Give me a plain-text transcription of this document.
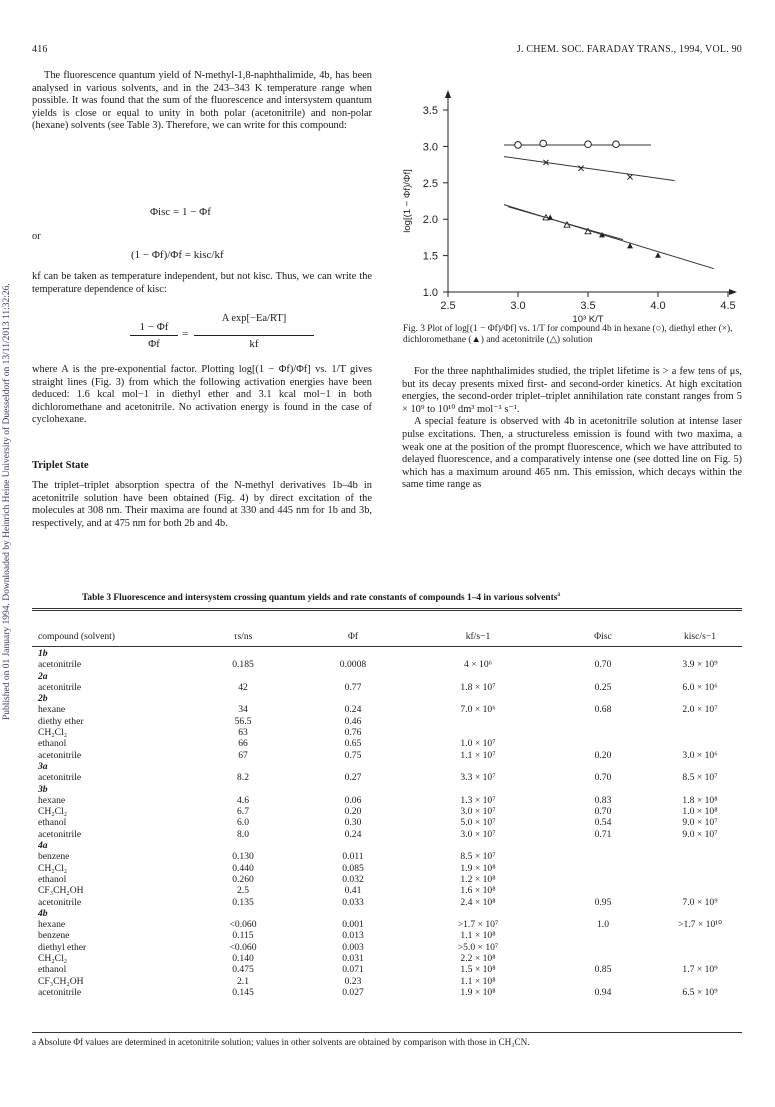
Published on 01 January 1994. Downloaded by Heinrich Heine University of Duesseldorf on 13/11/2013 11:32:26.
416	J. CHEM. SOC. FARADAY TRANS., 1994, VOL. 90

The fluorescence quantum yield of N-methyl-1,8-naphthalimide, 4b, has been analysed in various solvents, and in the 243–343 K temperature range when possible. It was found that the sum of the fluorescence and intersystem quantum yields is close or equal to unity in both polar (acetonitrile) and non-polar (hexane) solvents (see Table 3). Therefore, we can write for this compound:

Φisc = 1 − Φf
or
(1 − Φf)/Φf = kisc/kf

kf can be taken as temperature independent, but not kisc. Thus, we can write the temperature dependence of kisc:

1 − Φf
Φf
=
A exp[−Ea/RT]
kf

where A is the pre-exponential factor. Plotting log[(1 − Φf)/Φf] vs. 1/T gives straight lines (Fig. 3) from which the following activation energies have been deduced: 1.6 kcal mol−1 in diethyl ether and 3.1 kcal mol−1 in both dichloromethane and acetonitrile. No activation energy is found in the case of cyclohexane.

Triplet State

The triplet–triplet absorption spectra of the N-methyl derivatives 1b–4b in acetonitrile solution have been obtained (Fig. 4) by direct excitation of the molecules at 308 nm. Their maxima are found at 330 and 445 nm for 1b and 3b, respectively, and at 475 nm for both 2b and 4b.

2.5	3.0	3.5	4.0	4.5
1.0
1.5
2.0
2.5
3.0
3.5
10³ K/T
log[(1 − Φf)/Φf]
Fig. 3 Plot of log[(1 − Φf)/Φf] vs. 1/T for compound 4b in hexane (○), diethyl ether (×), dichloromethane (▲) and acetonitrile (△) solution

For the three naphthalimides studied, the triplet lifetime is > a few tens of μs, but its decay presents mixed first- and second-order kinetics. At high excitation energies, the second-order triplet–triplet annihilation rate constant ranges from 5 × 10⁹ to 10¹⁰ dm³ mol⁻¹ s⁻¹.

A special feature is observed with 4b in acetonitrile solution at intense laser pulse excitations. Then, a structureless emission is found with two maxima, a weak one at the position of the prompt fluorescence, which we have attributed to delayed fluorescence, and a comparatively intense one (see dotted line on Fig. 5) which has a maximum around 465 nm. This emission, which decays within the same time range as

Table 3 Fluorescence and intersystem crossing quantum yields and rate constants of compounds 1–4 in various solvents$^a$
compound (solvent)	τs/ns	Φf	kf/s−1	Φisc	kisc/s−1
1b					
acetonitrile	0.185	0.0008	4 × 10⁶	0.70	3.9 × 10⁹
2a					
acetonitrile	42	0.77	1.8 × 10⁷	0.25	6.0 × 10⁶
2b					
hexane	34	0.24	7.0 × 10⁶	0.68	2.0 × 10⁷
diethy ether	56.5	0.46			
CH₂Cl₂	63	0.76			
ethanol	66	0.65	1.0 × 10⁷		
acetonitrile	67	0.75	1.1 × 10⁷	0.20	3.0 × 10⁶
3a					
acetonitrile	8.2	0.27	3.3 × 10⁷	0.70	8.5 × 10⁷
3b					
hexane	4.6	0.06	1.3 × 10⁷	0.83	1.8 × 10⁸
CH₂Cl₂	6.7	0.20	3.0 × 10⁷	0.70	1.0 × 10⁸
ethanol	6.0	0.30	5.0 × 10⁷	0.54	9.0 × 10⁷
acetonitrile	8.0	0.24	3.0 × 10⁷	0.71	9.0 × 10⁷
4a					
benzene	0.130	0.011	8.5 × 10⁷		
CH₂Cl₂	0.440	0.085	1.9 × 10⁸		
ethanol	0.260	0.032	1.2 × 10⁸		
CF₃CH₂OH	2.5	0.41	1.6 × 10⁸		
acetonitrile	0.135	0.033	2.4 × 10⁸	0.95	7.0 × 10⁹
4b					
hexane	<0.060	0.001	>1.7 × 10⁷	1.0	>1.7 × 10¹⁰
benzene	0.115	0.013	1.1 × 10⁸		
diethyl ether	<0.060	0.003	>5.0 × 10⁷		
CH₂Cl₂	0.140	0.031	2.2 × 10⁸		
ethanol	0.475	0.071	1.5 × 10⁸	0.85	1.7 × 10⁹
CF₃CH₂OH	2.1	0.23	1.1 × 10⁸		
acetonitrile	0.145	0.027	1.9 × 10⁸	0.94	6.5 × 10⁹
a Absolute Φf values are determined in acetonitrile solution; values in other solvents are obtained by comparison with those in CH₃CN.
